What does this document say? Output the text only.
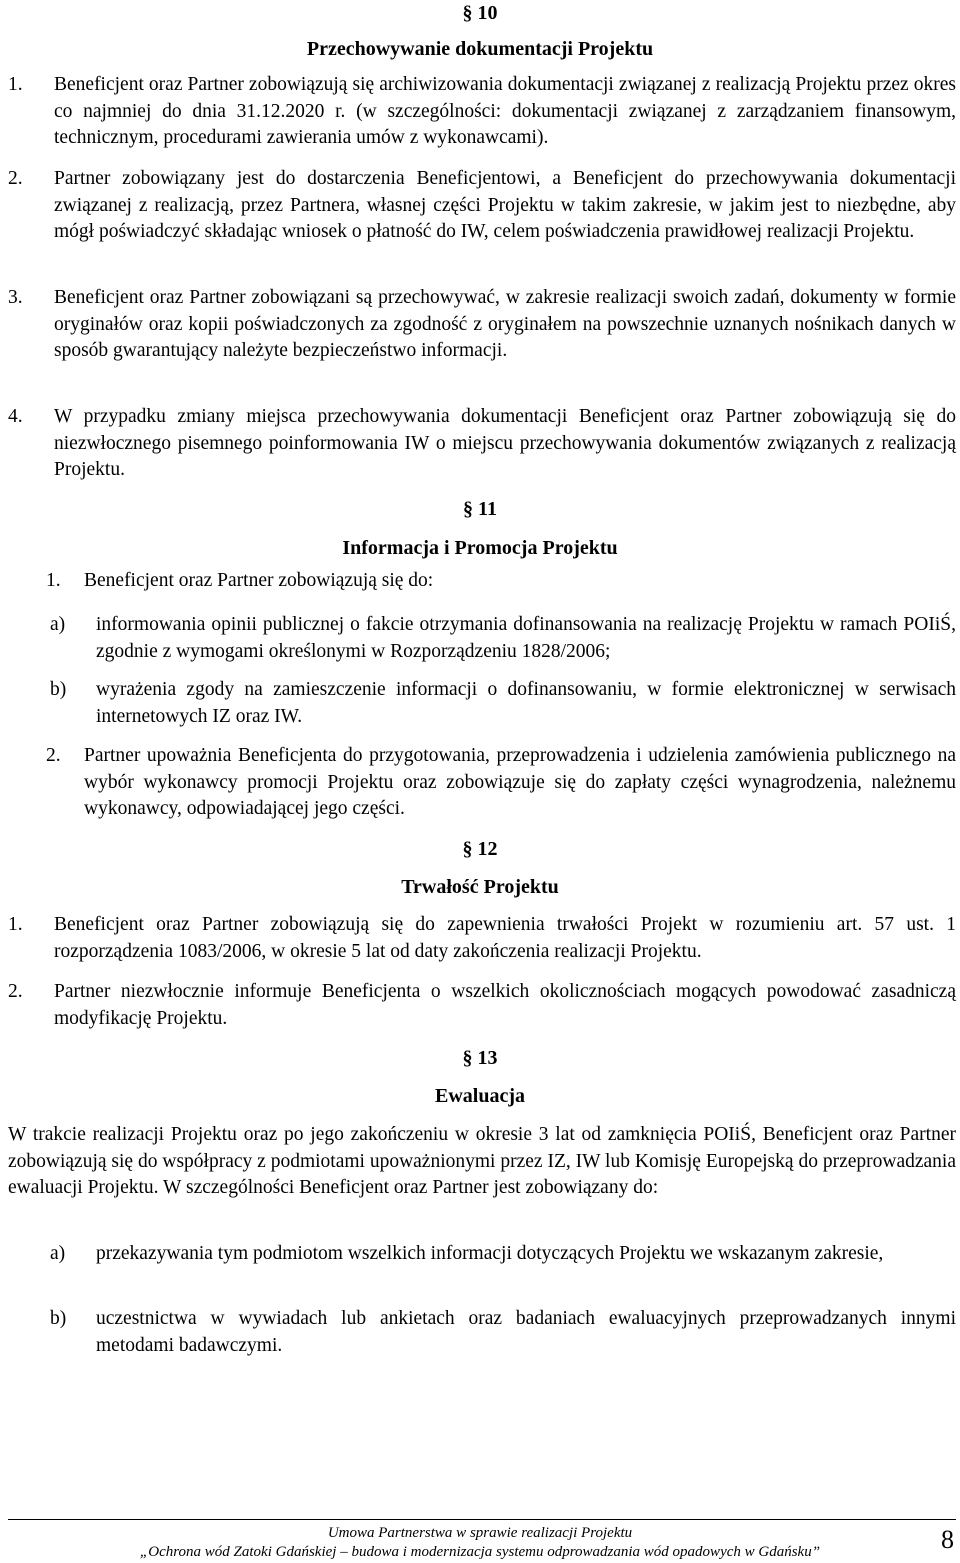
§ 10
Przechowywanie dokumentacji Projektu
1. Beneficjent oraz Partner zobowiązują się archiwizowania dokumentacji związanej z realizacją Projektu przez okres co najmniej do dnia 31.12.2020 r. (w szczególności: dokumentacji związanej z zarządzaniem finansowym, technicznym, procedurami zawierania umów z wykonawcami).
2. Partner zobowiązany jest do dostarczenia Beneficjentowi, a Beneficjent do przechowywania dokumentacji związanej z realizacją, przez Partnera, własnej części Projektu w takim zakresie, w jakim jest to niezbędne, aby mógł poświadczyć składając wniosek o płatność do IW, celem poświadczenia prawidłowej realizacji Projektu.
3. Beneficjent oraz Partner zobowiązani są przechowywać, w zakresie realizacji swoich zadań, dokumenty w formie oryginałów oraz kopii poświadczonych za zgodność z oryginałem na powszechnie uznanych nośnikach danych w sposób gwarantujący należyte bezpieczeństwo informacji.
4. W przypadku zmiany miejsca przechowywania dokumentacji Beneficjent oraz Partner zobowiązują się do niezwłocznego pisemnego poinformowania IW o miejscu przechowywania dokumentów związanych z realizacją Projektu.
§ 11
Informacja i Promocja Projektu
1. Beneficjent oraz Partner zobowiązują się do:
a) informowania opinii publicznej o fakcie otrzymania dofinansowania na realizację Projektu w ramach POIiŚ, zgodnie z wymogami określonymi w Rozporządzeniu 1828/2006;
b) wyrażenia zgody na zamieszczenie informacji o dofinansowaniu, w formie elektronicznej w serwisach internetowych IZ oraz IW.
2. Partner upoważnia Beneficjenta do przygotowania, przeprowadzenia i udzielenia zamówienia publicznego na wybór wykonawcy promocji Projektu oraz zobowiązuje się do zapłaty części wynagrodzenia, należnemu wykonawcy, odpowiadającej jego części.
§ 12
Trwałość Projektu
1. Beneficjent oraz Partner zobowiązują się do zapewnienia trwałości Projekt w rozumieniu art. 57 ust. 1 rozporządzenia 1083/2006, w okresie 5 lat od daty zakończenia realizacji Projektu.
2. Partner niezwłocznie informuje Beneficjenta o wszelkich okolicznościach mogących powodować zasadniczą modyfikację Projektu.
§ 13
Ewaluacja
W trakcie realizacji Projektu oraz po jego zakończeniu w okresie 3 lat od zamknięcia POIiŚ, Beneficjent oraz Partner zobowiązują się do współpracy z podmiotami upoważnionymi przez IZ, IW lub Komisję Europejską do przeprowadzania ewaluacji Projektu. W szczególności Beneficjent oraz Partner jest zobowiązany do:
a) przekazywania tym podmiotom wszelkich informacji dotyczących Projektu we wskazanym zakresie,
b) uczestnictwa w wywiadach lub ankietach oraz badaniach ewaluacyjnych przeprowadzanych innymi metodami badawczymi.
Umowa Partnerstwa w sprawie realizacji Projektu
„Ochrona wód Zatoki Gdańskiej – budowa i modernizacja systemu odprowadzania wód opadowych w Gdańsku”	8
